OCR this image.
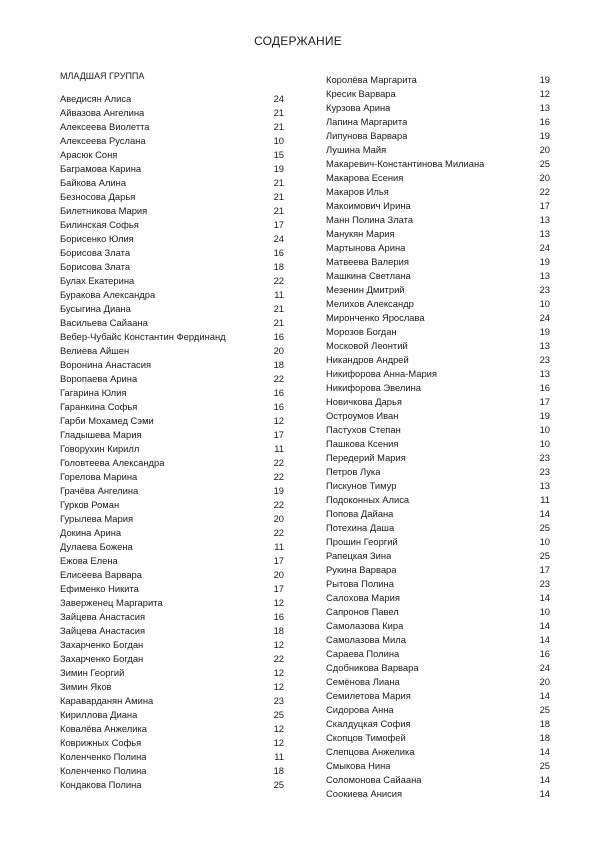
СОДЕРЖАНИЕ
МЛАДШАЯ ГРУППА
Аведисян Алиса	24
Айвазова Ангелина	21
Алексеева Виолетта	21
Алексеева Руслана	10
Арасюк Соня	15
Баграмова Карина	19
Байкова Алина	21
Безносова Дарья	21
Билетникова Мария	21
Билинская Софья	17
Борисенко Юлия	24
Борисова Злата	16
Борисова Злата	18
Булах Екатерина	22
Буракова Александра	11
Бусыгина Диана	21
Васильева Сайаана	21
Вебер-Чубайс Константин Фердинанд	16
Велиева Айшен	20
Воронина Анастасия	18
Воропаева Арина	22
Гагарина Юлия	16
Гаранкина Софья	16
Гарби Мохамед Сэми	12
Гладышева Мария	17
Говорухин Кирилл	11
Головтеева Александра	22
Горелова Марина	22
Грачёва Ангелина	19
Гурков Роман	22
Гурылева Мария	20
Докина Арина	22
Дулаева Божена	11
Ежова Елена	17
Елисеева Варвара	20
Ефименко Никита	17
Заверженец Маргарита	12
Зайцева Анастасия	16
Зайцева Анастасия	18
Захарченко Богдан	12
Захарченко Богдан	22
Зимин Георгий	12
Зимин Яков	12
Караварданян Амина	23
Кириллова Диана	25
Ковалёва Анжелика	12
Коврижных Софья	12
Коленченко Полина	11
Коленченко Полина	18
Кондакова Полина	25
Королёва Маргарита	19
Кресик Варвара	12
Курзова Арина	13
Лапина Маргарита	16
Липунова Варвара	19
Лушина Майя	20
Макаревич-Константинова Милиана	25
Макарова Есения	20
Макаров Илья	22
Макоимович Ирина	17
Манн Полина Злата	13
Манукян Мария	13
Мартынова Арина	24
Матвеева Валерия	19
Машкина Светлана	13
Мезенин Дмитрий	23
Мелихов Александр	10
Миронченко Ярослава	24
Морозов Богдан	19
Московой Леонтий	13
Никандров Андрей	23
Никифорова Анна-Мария	13
Никифорова Эвелина	16
Новичкова Дарья	17
Остроумов Иван	19
Пастухов Степан	10
Пашкова Ксения	10
Передерий Мария	23
Петров Лука	23
Пискунов Тимур	13
Подоконных Алиса	11
Попова Дайана	14
Потехина Даша	25
Прошин Георгий	10
Рапецкая Зина	25
Рукина Варвара	17
Рытова Полина	23
Салохова Мария	14
Сапронов Павел	10
Самолазова Кира	14
Самолазова Мила	14
Сараева Полина	16
Сдобникова Варвара	24
Семёнова Лиана	20
Семилетова Мария	14
Сидорова Анна	25
Скалдуцкая София	18
Скопцов Тимофей	18
Слепцова Анжелика	14
Смыкова Нина	25
Соломонова Сайаана	14
Соокиева Анисия	14
